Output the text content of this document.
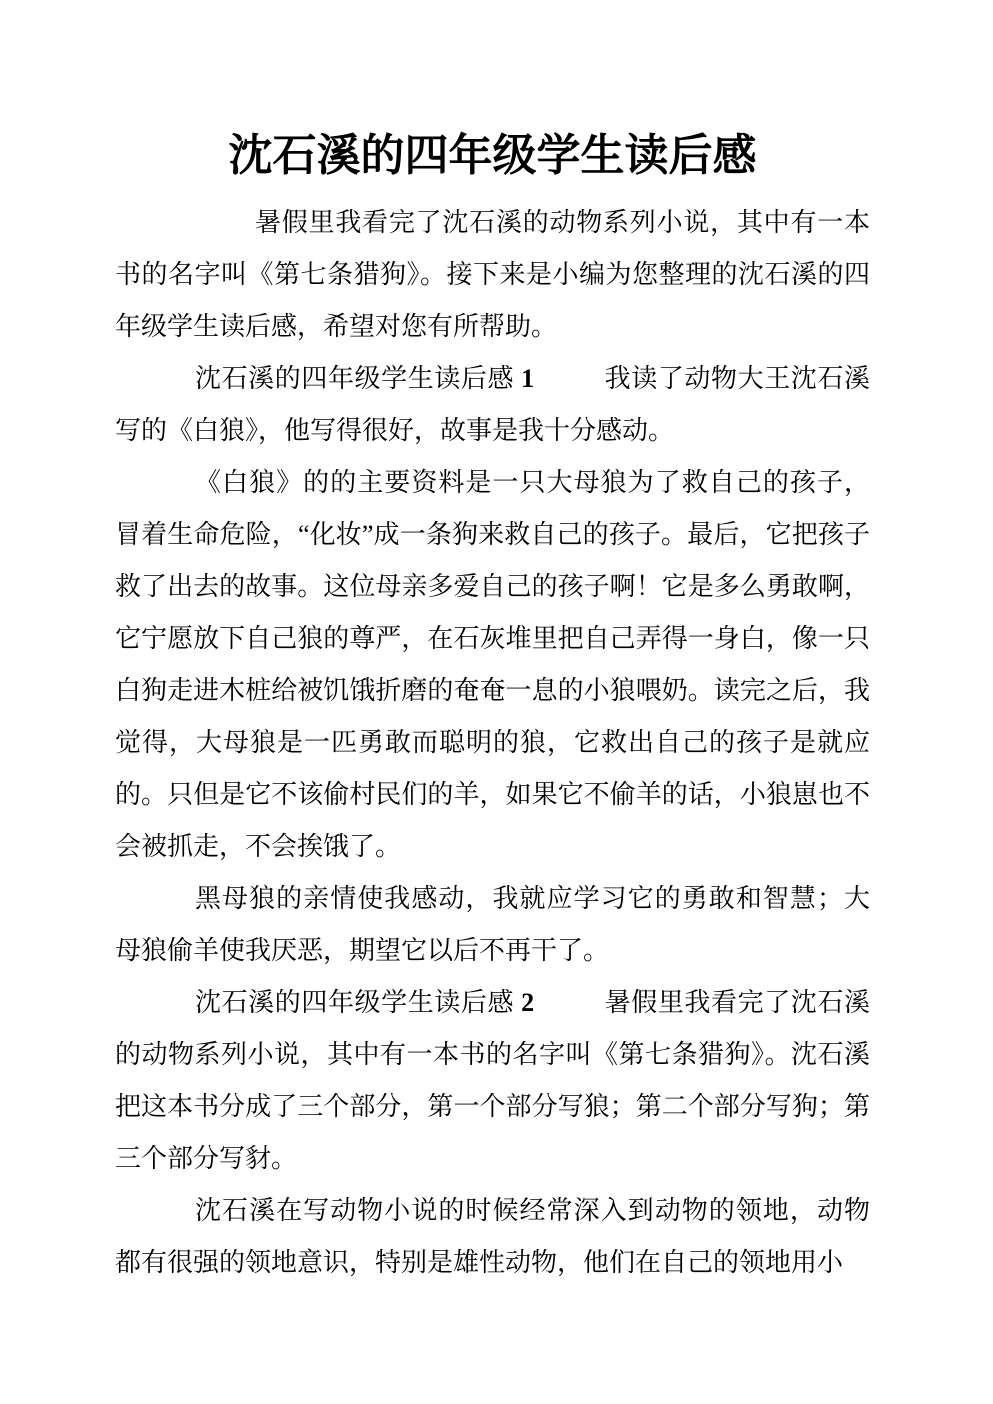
沈石溪的四年级学生读后感

暑假里我看完了沈石溪的动物系列小说，其中有一本书的名字叫《第七条猎狗》。接下来是小编为您整理的沈石溪的四年级学生读后感，希望对您有所帮助。

沈石溪的四年级学生读后感 1	我读了动物大王沈石溪写的《白狼》，他写得很好，故事是我十分感动。

《白狼》的的主要资料是一只大母狼为了救自己的孩子，冒着生命危险，“化妆”成一条狗来救自己的孩子。最后，它把孩子救了出去的故事。这位母亲多爱自己的孩子啊！它是多么勇敢啊，它宁愿放下自己狼的尊严，在石灰堆里把自己弄得一身白，像一只白狗走进木桩给被饥饿折磨的奄奄一息的小狼喂奶。读完之后，我觉得，大母狼是一匹勇敢而聪明的狼，它救出自己的孩子是就应的。只但是它不该偷村民们的羊，如果它不偷羊的话，小狼崽也不会被抓走，不会挨饿了。

黑母狼的亲情使我感动，我就应学习它的勇敢和智慧；大母狼偷羊使我厌恶，期望它以后不再干了。

沈石溪的四年级学生读后感 2	暑假里我看完了沈石溪的动物系列小说，其中有一本书的名字叫《第七条猎狗》。沈石溪把这本书分成了三个部分，第一个部分写狼；第二个部分写狗；第三个部分写豺。

沈石溪在写动物小说的时候经常深入到动物的领地，动物都有很强的领地意识，特别是雄性动物，他们在自己的领地用小
